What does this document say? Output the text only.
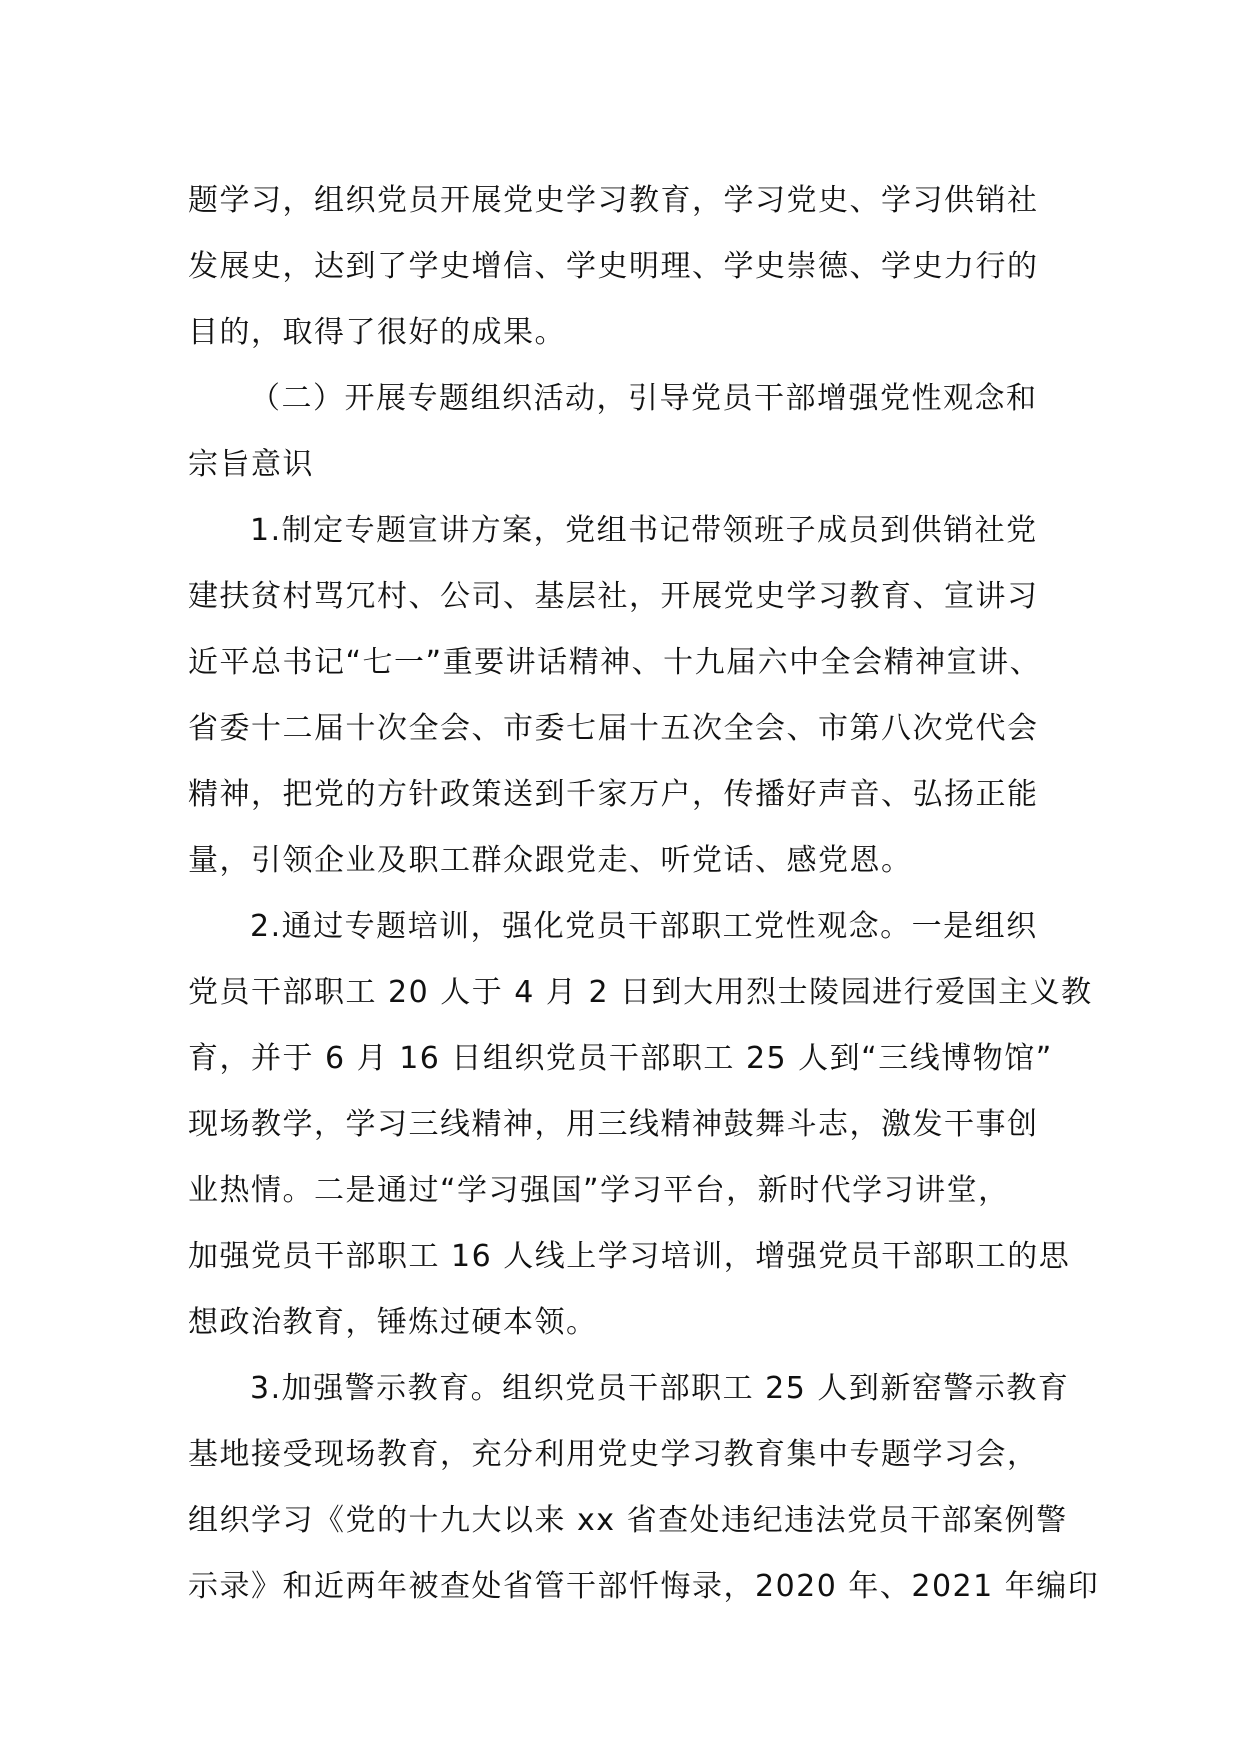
题学习，组织党员开展党史学习教育，学习党史、学习供销社
发展史，达到了学史增信、学史明理、学史崇德、学史力行的
目的，取得了很好的成果。
（二）开展专题组织活动，引导党员干部增强党性观念和
宗旨意识
1.制定专题宣讲方案，党组书记带领班子成员到供销社党
建扶贫村骂冗村、公司、基层社，开展党史学习教育、宣讲习
近平总书记“七一”重要讲话精神、十九届六中全会精神宣讲、
省委十二届十次全会、市委七届十五次全会、市第八次党代会
精神，把党的方针政策送到千家万户，传播好声音、弘扬正能
量，引领企业及职工群众跟党走、听党话、感党恩。
2.通过专题培训，强化党员干部职工党性观念。一是组织
党员干部职工 20 人于 4 月 2 日到大用烈士陵园进行爱国主义教
育，并于 6 月 16 日组织党员干部职工 25 人到“三线博物馆”
现场教学，学习三线精神，用三线精神鼓舞斗志，激发干事创
业热情。二是通过“学习强国”学习平台，新时代学习讲堂，
加强党员干部职工 16 人线上学习培训，增强党员干部职工的思
想政治教育，锤炼过硬本领。
3.加强警示教育。组织党员干部职工 25 人到新窑警示教育
基地接受现场教育，充分利用党史学习教育集中专题学习会，
组织学习《党的十九大以来 xx 省查处违纪违法党员干部案例警
示录》和近两年被查处省管干部忏悔录，2020 年、2021 年编印
